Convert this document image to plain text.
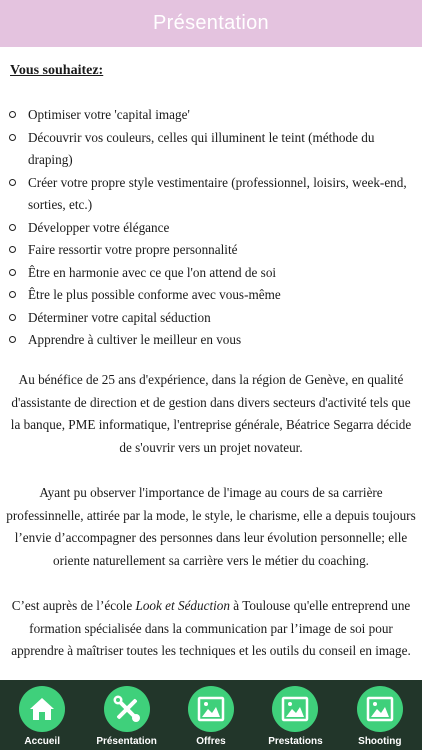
Présentation
Vous souhaitez:
Optimiser votre 'capital image'
Découvrir vos couleurs, celles qui illuminent le teint (méthode du draping)
Créer votre propre style vestimentaire (professionnel, loisirs, week-end, sorties, etc.)
Développer votre élégance
Faire ressortir votre propre personnalité
Être en harmonie avec ce que l'on attend de soi
Être le plus possible conforme avec vous-même
Déterminer votre capital séduction
Apprendre à cultiver le meilleur en vous

Au bénéfice de 25 ans d'expérience, dans la région de Genève, en qualité d'assistante de direction et de gestion dans divers secteurs d'activité tels que la banque, PME informatique, l'entreprise générale, Béatrice Segarra décide de s'ouvrir vers un projet novateur.

Ayant pu observer l'importance de l'image au cours de sa carrière professinnelle, attirée par la mode, le style, le charisme, elle a depuis toujours l’envie d’accompagner des personnes dans leur évolution personnelle; elle oriente naturellement sa carrière vers le métier du coaching.

C’est auprès de l’école Look et Séduction à Toulouse qu'elle entreprend une formation spécialisée dans la communication par l’image de soi pour apprendre à maîtriser toutes les techniques et les outils du conseil en image.

Accueil	Présentation	Offres	Prestations	Shooting
